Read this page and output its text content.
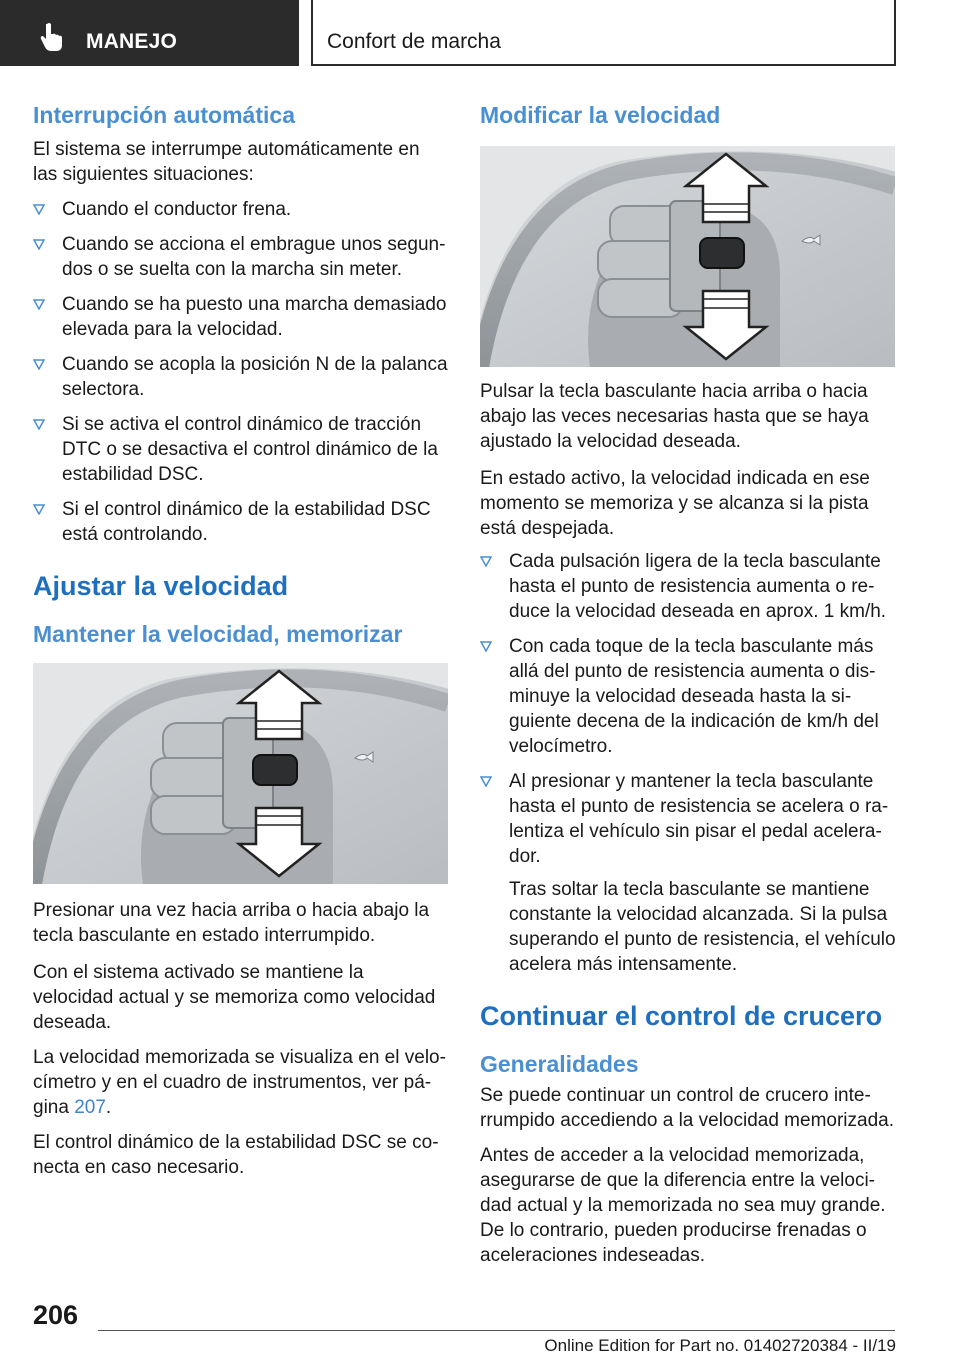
MANEJO	Confort de marcha
Interrupción automática

El sistema se interrumpe automáticamente en las siguientes situaciones:

Cuando el conductor frena.
Cuando se acciona el embrague unos segun‐dos o se suelta con la marcha sin meter.
Cuando se ha puesto una marcha demasiado elevada para la velocidad.
Cuando se acopla la posición N de la palanca selectora.
Si se activa el control dinámico de tracción DTC o se desactiva el control dinámico de la estabilidad DSC.
Si el control dinámico de la estabilidad DSC está controlando.
Ajustar la velocidad
Mantener la velocidad, memorizar

Presionar una vez hacia arriba o hacia abajo la tecla basculante en estado interrumpido.

Con el sistema activado se mantiene la velocidad actual y se memoriza como velocidad deseada.

La velocidad memorizada se visualiza en el velo‐címetro y en el cuadro de instrumentos, ver pá‐gina 207.

El control dinámico de la estabilidad DSC se co‐necta en caso necesario.

Modificar la velocidad

Pulsar la tecla basculante hacia arriba o hacia abajo las veces necesarias hasta que se haya ajustado la velocidad deseada.

En estado activo, la velocidad indicada en ese momento se memoriza y se alcanza si la pista está despejada.

Cada pulsación ligera de la tecla basculante hasta el punto de resistencia aumenta o re‐duce la velocidad deseada en aprox. 1 km/h.
Con cada toque de la tecla basculante más allá del punto de resistencia aumenta o dis‐minuye la velocidad deseada hasta la si‐guiente decena de la indicación de km/h del velocímetro.
Al presionar y mantener la tecla basculante hasta el punto de resistencia se acelera o ra‐lentiza el vehículo sin pisar el pedal acelera‐dor.

Tras soltar la tecla basculante se mantiene constante la velocidad alcanzada. Si la pulsa superando el punto de resistencia, el vehículo acelera más intensamente.

Continuar el control de crucero
Generalidades

Se puede continuar un control de crucero inte‐rrumpido accediendo a la velocidad memorizada.

Antes de acceder a la velocidad memorizada, asegurarse de que la diferencia entre la veloci‐dad actual y la memorizada no sea muy grande. De lo contrario, pueden producirse frenadas o aceleraciones indeseadas.

206
Online Edition for Part no. 01402720384 - II/19
